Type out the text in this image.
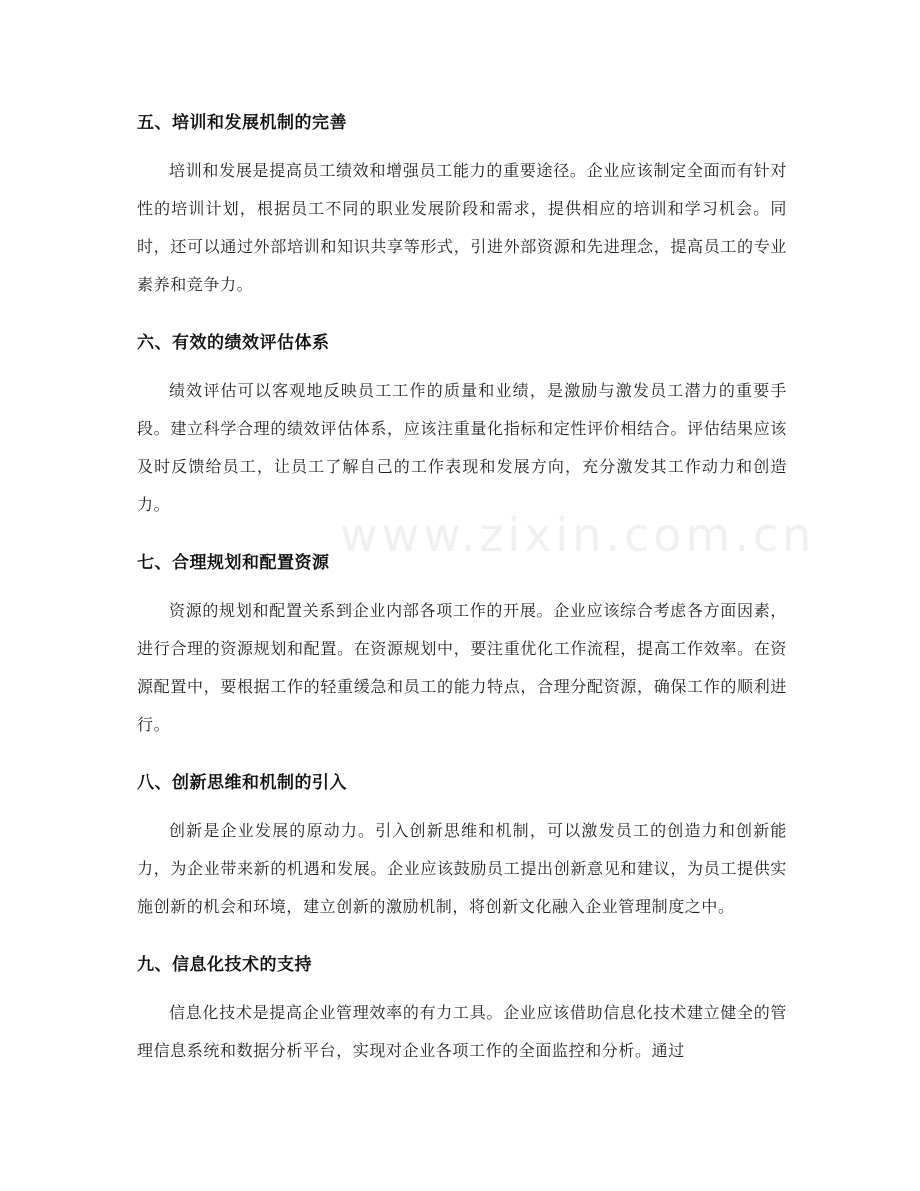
www.zixin.com.cn
五、培训和发展机制的完善

培训和发展是提高员工绩效和增强员工能力的重要途径。企业应该制定全面而有针对性的培训计划，根据员工不同的职业发展阶段和需求，提供相应的培训和学习机会。同时，还可以通过外部培训和知识共享等形式，引进外部资源和先进理念，提高员工的专业素养和竞争力。

六、有效的绩效评估体系

绩效评估可以客观地反映员工工作的质量和业绩，是激励与激发员工潜力的重要手段。建立科学合理的绩效评估体系，应该注重量化指标和定性评价相结合。评估结果应该及时反馈给员工，让员工了解自己的工作表现和发展方向，充分激发其工作动力和创造力。

七、合理规划和配置资源

资源的规划和配置关系到企业内部各项工作的开展。企业应该综合考虑各方面因素，进行合理的资源规划和配置。在资源规划中，要注重优化工作流程，提高工作效率。在资源配置中，要根据工作的轻重缓急和员工的能力特点，合理分配资源，确保工作的顺利进行。

八、创新思维和机制的引入

创新是企业发展的原动力。引入创新思维和机制，可以激发员工的创造力和创新能力，为企业带来新的机遇和发展。企业应该鼓励员工提出创新意见和建议，为员工提供实施创新的机会和环境，建立创新的激励机制，将创新文化融入企业管理制度之中。

九、信息化技术的支持

信息化技术是提高企业管理效率的有力工具。企业应该借助信息化技术建立健全的管理信息系统和数据分析平台，实现对企业各项工作的全面监控和分析。通过
